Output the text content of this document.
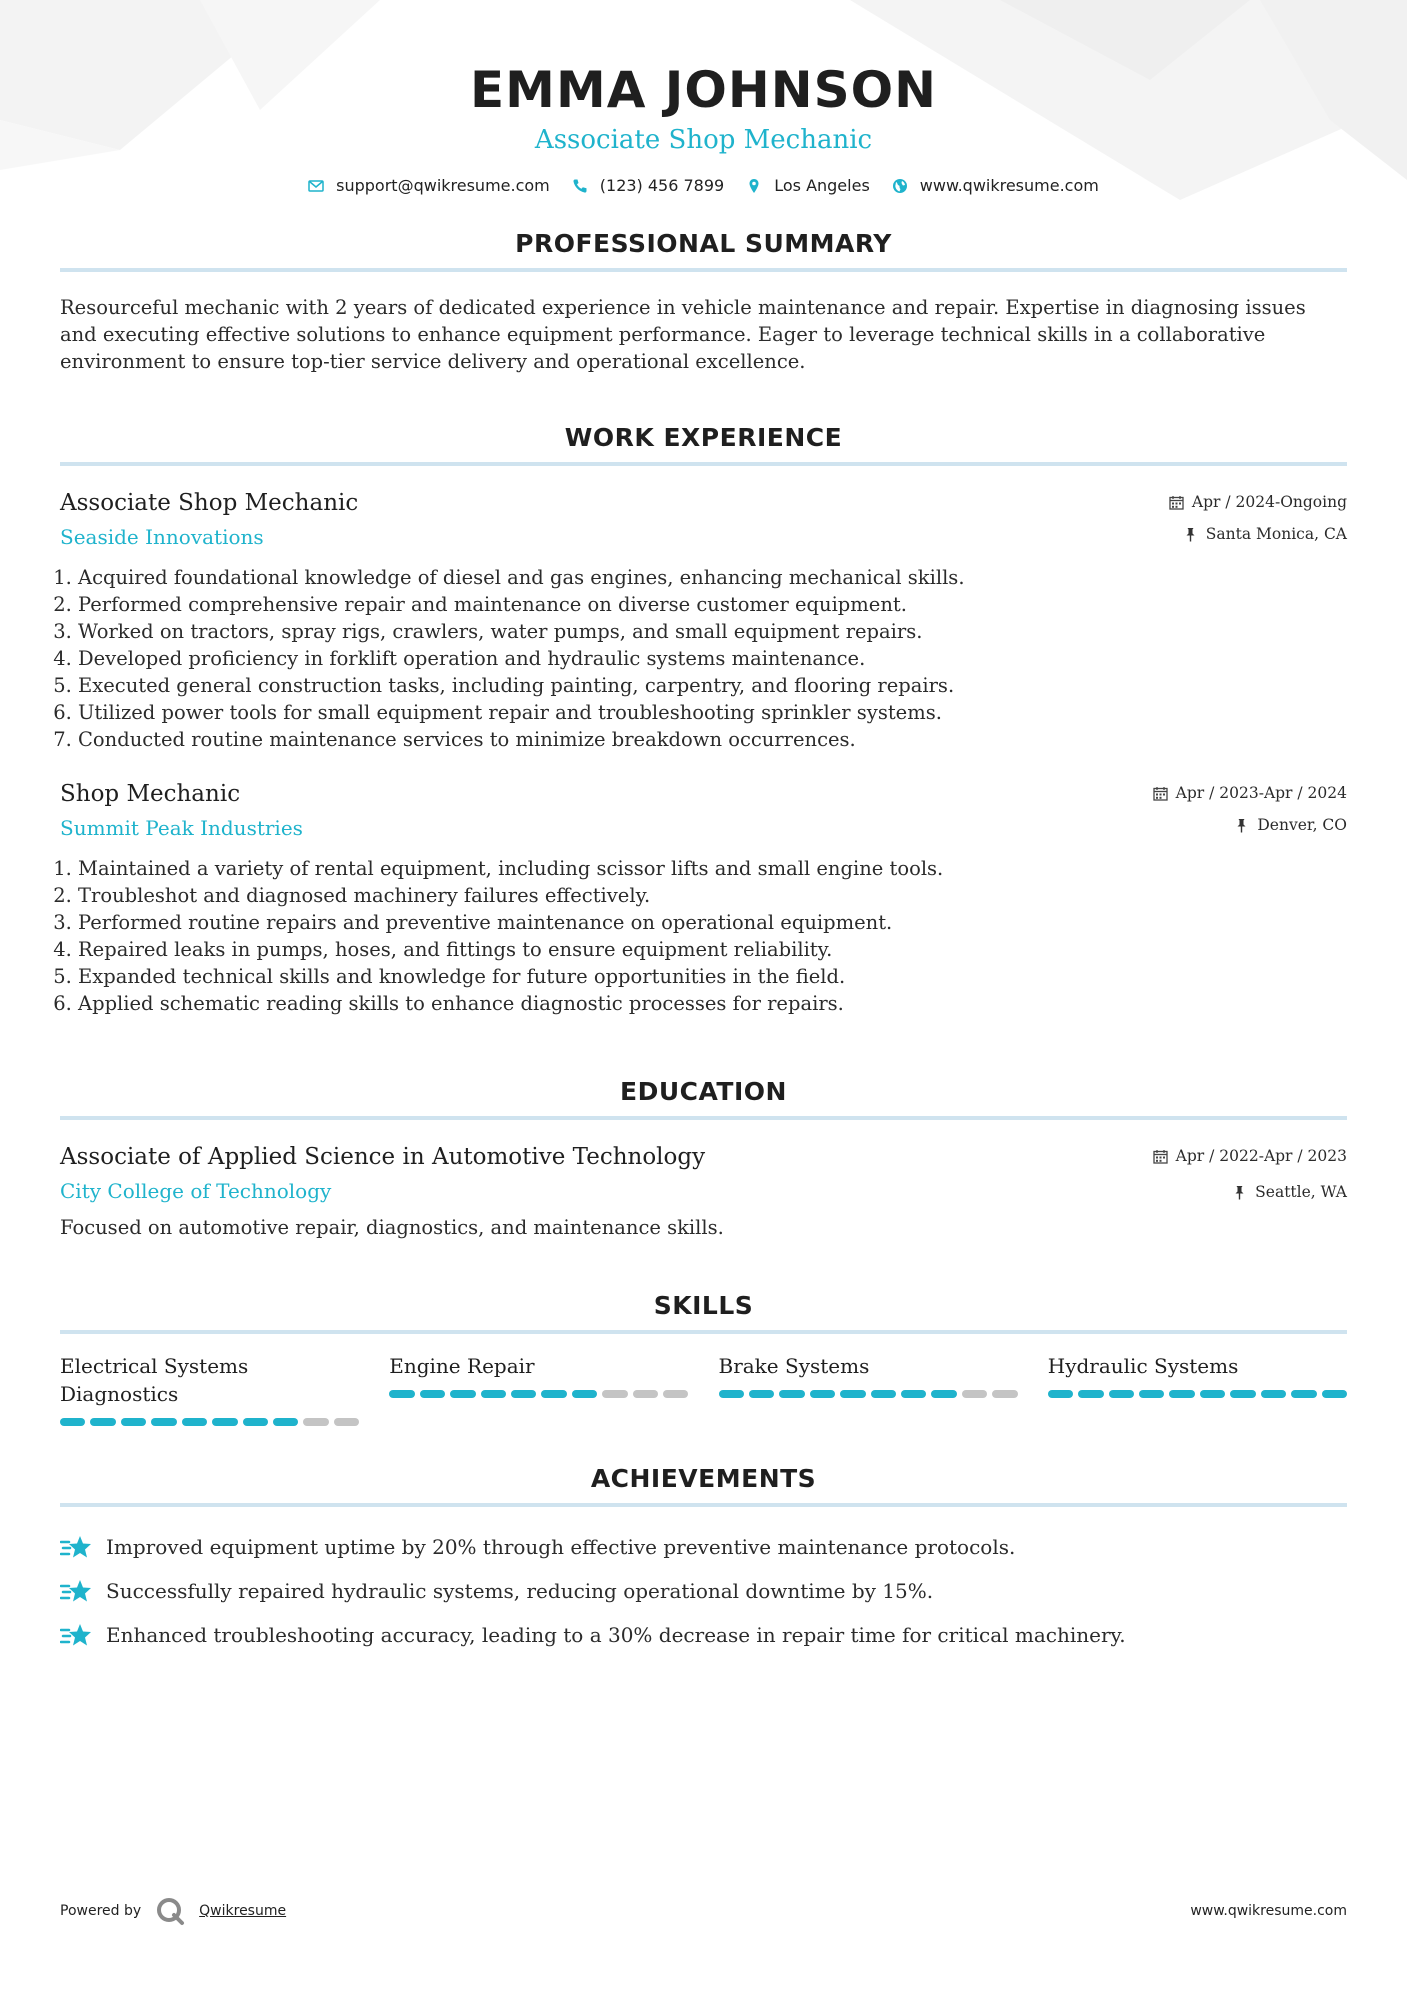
EMMA JOHNSON
Associate Shop Mechanic
support@qwikresume.com	(123) 456 7899	Los Angeles	www.qwikresume.com
PROFESSIONAL SUMMARY
Resourceful mechanic with 2 years of dedicated experience in vehicle maintenance and repair. Expertise in diagnosing issues and executing effective solutions to enhance equipment performance. Eager to leverage technical skills in a collaborative environment to ensure top-tier service delivery and operational excellence.
WORK EXPERIENCE
Associate Shop Mechanic
Seaside Innovations
Apr / 2024-Ongoing
Santa Monica, CA
1. Acquired foundational knowledge of diesel and gas engines, enhancing mechanical skills.
2. Performed comprehensive repair and maintenance on diverse customer equipment.
3. Worked on tractors, spray rigs, crawlers, water pumps, and small equipment repairs.
4. Developed proficiency in forklift operation and hydraulic systems maintenance.
5. Executed general construction tasks, including painting, carpentry, and flooring repairs.
6. Utilized power tools for small equipment repair and troubleshooting sprinkler systems.
7. Conducted routine maintenance services to minimize breakdown occurrences.
Shop Mechanic
Summit Peak Industries
Apr / 2023-Apr / 2024
Denver, CO
1. Maintained a variety of rental equipment, including scissor lifts and small engine tools.
2. Troubleshot and diagnosed machinery failures effectively.
3. Performed routine repairs and preventive maintenance on operational equipment.
4. Repaired leaks in pumps, hoses, and fittings to ensure equipment reliability.
5. Expanded technical skills and knowledge for future opportunities in the field.
6. Applied schematic reading skills to enhance diagnostic processes for repairs.
EDUCATION
Associate of Applied Science in Automotive Technology
City College of Technology
Apr / 2022-Apr / 2023
Seattle, WA
Focused on automotive repair, diagnostics, and maintenance skills.
SKILLS
Electrical Systems Diagnostics
Engine Repair	Brake Systems	Hydraulic Systems
ACHIEVEMENTS
Improved equipment uptime by 20% through effective preventive maintenance protocols.
Successfully repaired hydraulic systems, reducing operational downtime by 15%.
Enhanced troubleshooting accuracy, leading to a 30% decrease in repair time for critical machinery.
Powered by	Qwikresume	www.qwikresume.com
